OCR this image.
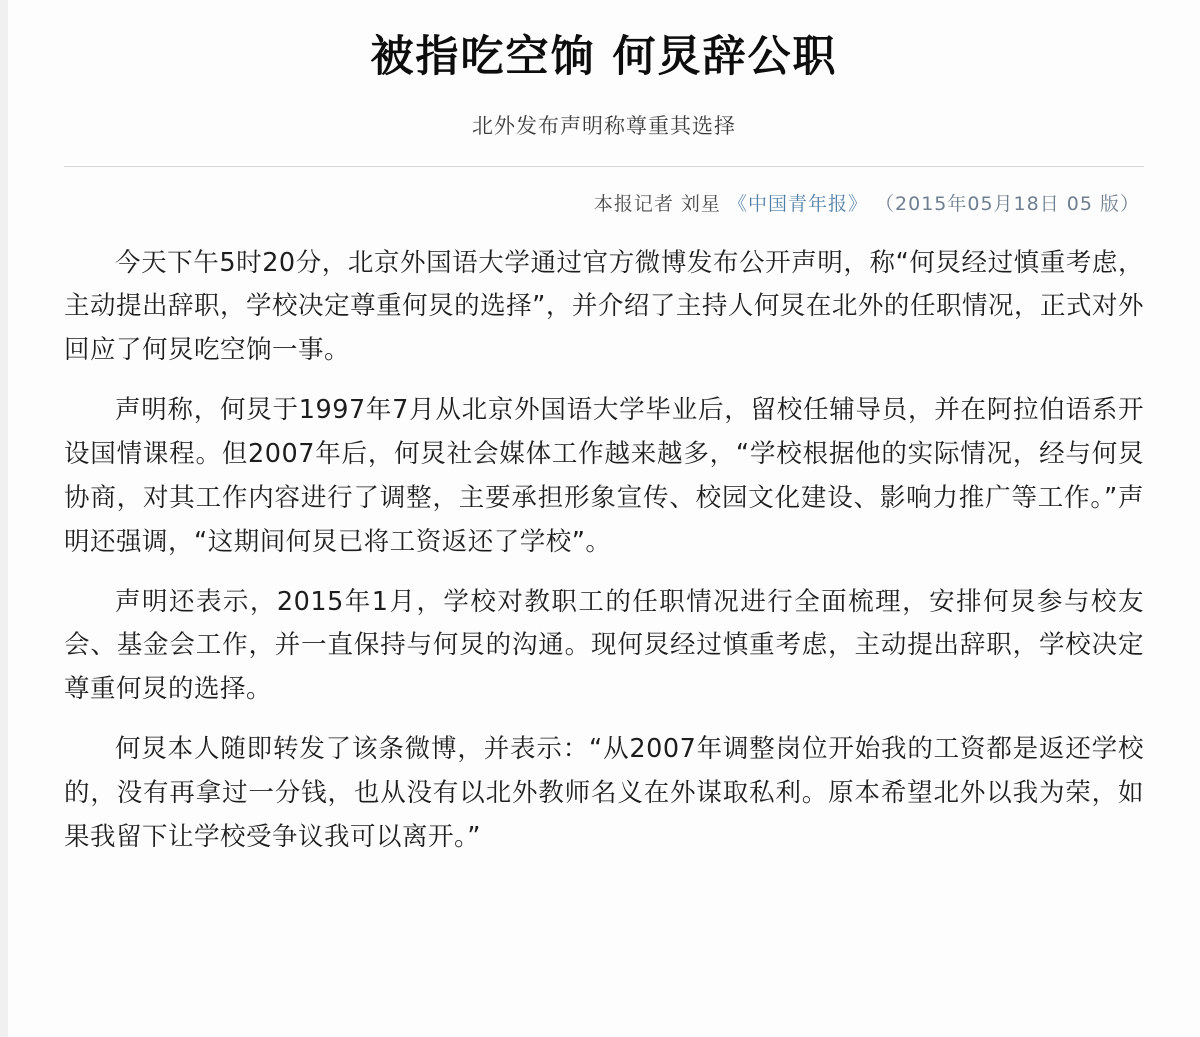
被指吃空饷 何炅辞公职
北外发布声明称尊重其选择
本报记者 刘星 《中国青年报》 （2015年05月18日 05 版）

今天下午5时20分，北京外国语大学通过官方微博发布公开声明，称“何炅经过慎重考虑，主动提出辞职，学校决定尊重何炅的选择”，并介绍了主持人何炅在北外的任职情况，正式对外回应了何炅吃空饷一事。

声明称，何炅于1997年7月从北京外国语大学毕业后，留校任辅导员，并在阿拉伯语系开设国情课程。但2007年后，何炅社会媒体工作越来越多，“学校根据他的实际情况，经与何炅协商，对其工作内容进行了调整，主要承担形象宣传、校园文化建设、影响力推广等工作。”声明还强调，“这期间何炅已将工资返还了学校”。

声明还表示，2015年1月，学校对教职工的任职情况进行全面梳理，安排何炅参与校友会、基金会工作，并一直保持与何炅的沟通。现何炅经过慎重考虑，主动提出辞职，学校决定尊重何炅的选择。

何炅本人随即转发了该条微博，并表示：“从2007年调整岗位开始我的工资都是返还学校的，没有再拿过一分钱，也从没有以北外教师名义在外谋取私利。原本希望北外以我为荣，如果我留下让学校受争议我可以离开。”
